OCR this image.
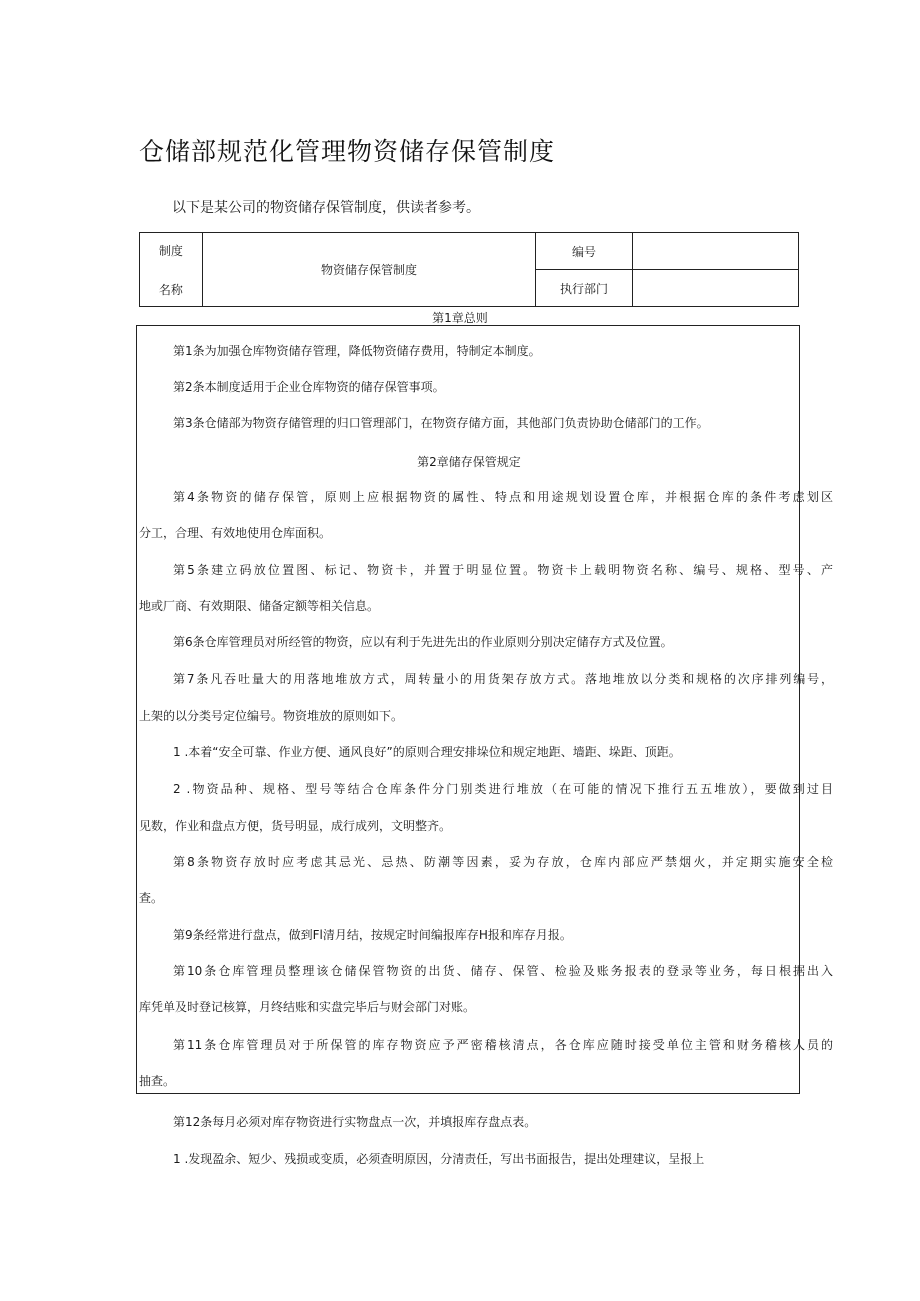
仓储部规范化管理物资储存保管制度
以下是某公司的物资储存保管制度，供读者参考。
制度
名称	物资储存保管制度	编号	
		执行部门	
第1章总则
第1条为加强仓库物资储存管理，降低物资储存费用，特制定本制度。
第2条本制度适用于企业仓库物资的储存保管事项。
第3条仓储部为物资存储管理的归口管理部门，在物资存储方面，其他部门负责协助仓储部门的工作。
第2章储存保管规定
第4条物资的储存保管，原则上应根据物资的属性、特点和用途规划设置仓库，并根据仓库的条件考虑划区
分工，合理、有效地使用仓库面积。
第5条建立码放位置图、标记、物资卡，并置于明显位置。物资卡上载明物资名称、编号、规格、型号、产
地或厂商、有效期限、储备定额等相关信息。
第6条仓库管理员对所经管的物资，应以有利于先进先出的作业原则分别决定储存方式及位置。
第7条凡吞吐量大的用落地堆放方式，周转量小的用货架存放方式。落地堆放以分类和规格的次序排列编号，
上架的以分类号定位编号。物资堆放的原则如下。
1 .本着“安全可靠、作业方便、通风良好”的原则合理安排垛位和规定地距、墙距、垛距、顶距。
2 .物资品种、规格、型号等结合仓库条件分门别类进行堆放（在可能的情况下推行五五堆放），要做到过目
见数，作业和盘点方便，货号明显，成行成列，文明整齐。
第8条物资存放时应考虑其忌光、忌热、防潮等因素，妥为存放，仓库内部应严禁烟火，并定期实施安全检
查。
第9条经常进行盘点，做到Fl清月结，按规定时间编报库存H报和库存月报。
第10条仓库管理员整理该仓储保管物资的出货、储存、保管、检验及账务报表的登录等业务，每日根据出入
库凭单及时登记核算，月终结账和实盘完毕后与财会部门对账。
第11条仓库管理员对于所保管的库存物资应予严密稽核清点，各仓库应随时接受单位主管和财务稽核人员的
抽查。
第12条每月必须对库存物资进行实物盘点一次，并填报库存盘点表。
1 .发现盈余、短少、残损或变质，必须查明原因，分清责任，写出书面报告，提出处理建议，呈报上
